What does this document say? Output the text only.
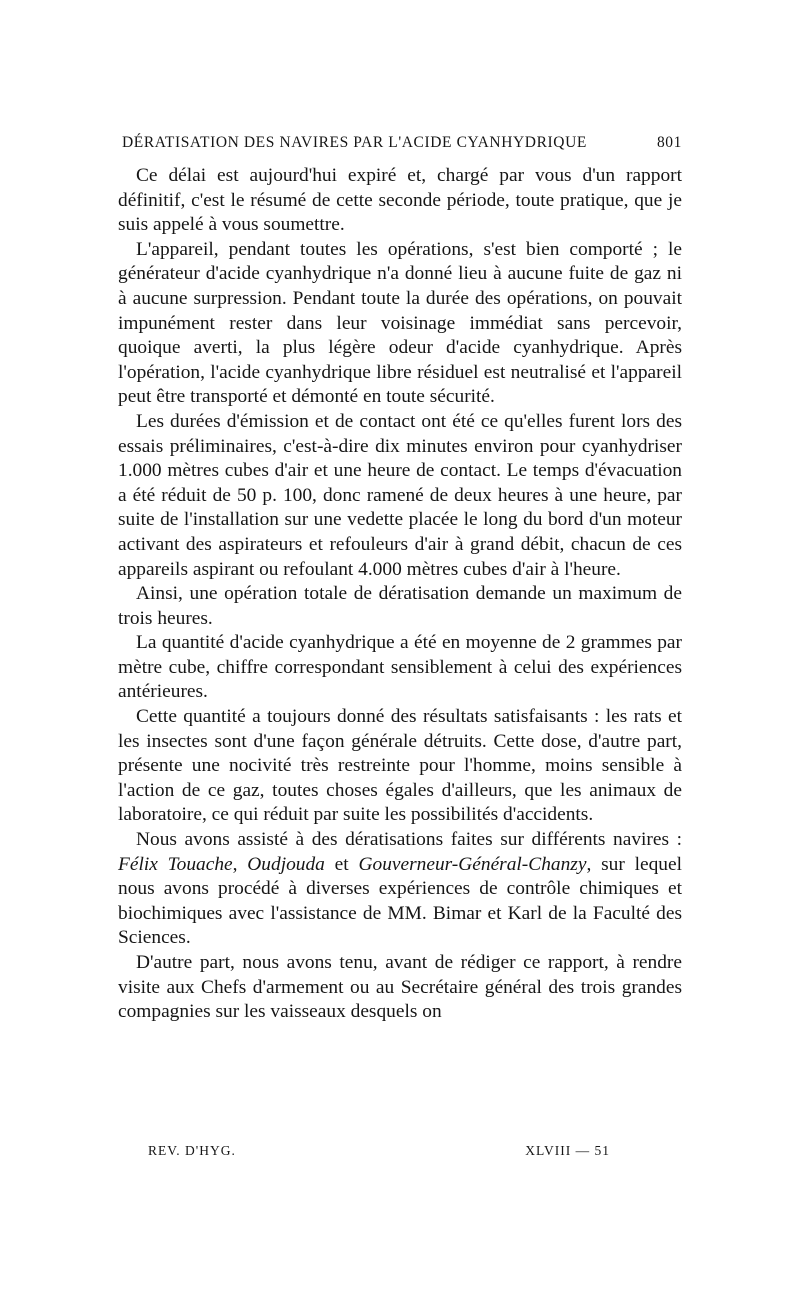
DÉRATISATION DES NAVIRES PAR L'ACIDE CYANHYDRIQUE	801

Ce délai est aujourd'hui expiré et, chargé par vous d'un rapport définitif, c'est le résumé de cette seconde période, toute pratique, que je suis appelé à vous soumettre.

L'appareil, pendant toutes les opérations, s'est bien comporté ; le générateur d'acide cyanhydrique n'a donné lieu à aucune fuite de gaz ni à aucune surpression. Pendant toute la durée des opérations, on pouvait impunément rester dans leur voisinage immédiat sans percevoir, quoique averti, la plus légère odeur d'acide cyanhydrique. Après l'opération, l'acide cyanhydrique libre résiduel est neutralisé et l'appareil peut être transporté et démonté en toute sécurité.

Les durées d'émission et de contact ont été ce qu'elles furent lors des essais préliminaires, c'est-à-dire dix minutes environ pour cyanhydriser 1.000 mètres cubes d'air et une heure de contact. Le temps d'évacuation a été réduit de 50 p. 100, donc ramené de deux heures à une heure, par suite de l'installation sur une vedette placée le long du bord d'un moteur activant des aspirateurs et refouleurs d'air à grand débit, chacun de ces appareils aspirant ou refoulant 4.000 mètres cubes d'air à l'heure.

Ainsi, une opération totale de dératisation demande un maximum de trois heures.

La quantité d'acide cyanhydrique a été en moyenne de 2 grammes par mètre cube, chiffre correspondant sensiblement à celui des expériences antérieures.

Cette quantité a toujours donné des résultats satisfaisants : les rats et les insectes sont d'une façon générale détruits. Cette dose, d'autre part, présente une nocivité très restreinte pour l'homme, moins sensible à l'action de ce gaz, toutes choses égales d'ailleurs, que les animaux de laboratoire, ce qui réduit par suite les possibilités d'accidents.

Nous avons assisté à des dératisations faites sur différents navires : Félix Touache, Oudjouda et Gouverneur-Général-Chanzy, sur lequel nous avons procédé à diverses expériences de contrôle chimiques et biochimiques avec l'assistance de MM. Bimar et Karl de la Faculté des Sciences.

D'autre part, nous avons tenu, avant de rédiger ce rapport, à rendre visite aux Chefs d'armement ou au Secrétaire général des trois grandes compagnies sur les vaisseaux desquels on

REV. D'HYG.	XLVIII — 51
